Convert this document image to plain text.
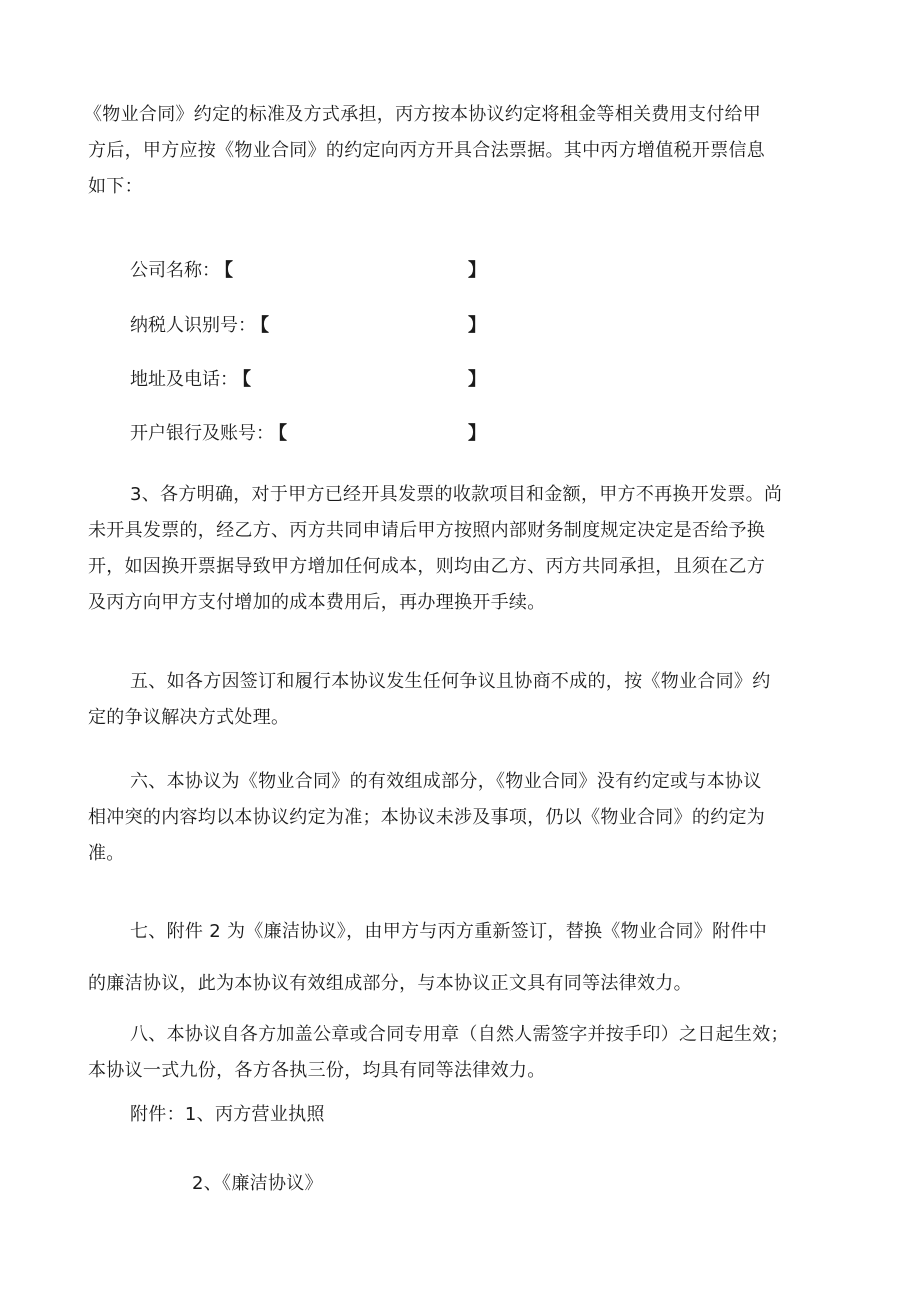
《物业合同》约定的标准及方式承担，丙方按本协议约定将租金等相关费用支付给甲

方后，甲方应按《物业合同》的约定向丙方开具合法票据。其中丙方增值税开票信息

如下：

公司名称： 【	】
纳税人识别号： 【	】
地址及电话： 【	】
开户银行及账号： 【	】

3、各方明确，对于甲方已经开具发票的收款项目和金额，甲方不再换开发票。尚

未开具发票的，经乙方、丙方共同申请后甲方按照内部财务制度规定决定是否给予换

开，如因换开票据导致甲方增加任何成本，则均由乙方、丙方共同承担，且须在乙方

及丙方向甲方支付增加的成本费用后，再办理换开手续。

五、如各方因签订和履行本协议发生任何争议且协商不成的，按《物业合同》约

定的争议解决方式处理。

六、本协议为《物业合同》的有效组成部分，《物业合同》没有约定或与本协议

相冲突的内容均以本协议约定为准；本协议未涉及事项，仍以《物业合同》的约定为

准。

七、附件 2 为《廉洁协议》，由甲方与丙方重新签订，替换《物业合同》附件中

的廉洁协议，此为本协议有效组成部分，与本协议正文具有同等法律效力。

八、本协议自各方加盖公章或合同专用章（自然人需签字并按手印）之日起生效；

本协议一式九份，各方各执三份，均具有同等法律效力。

附件：1、丙方营业执照

2、《廉洁协议》
